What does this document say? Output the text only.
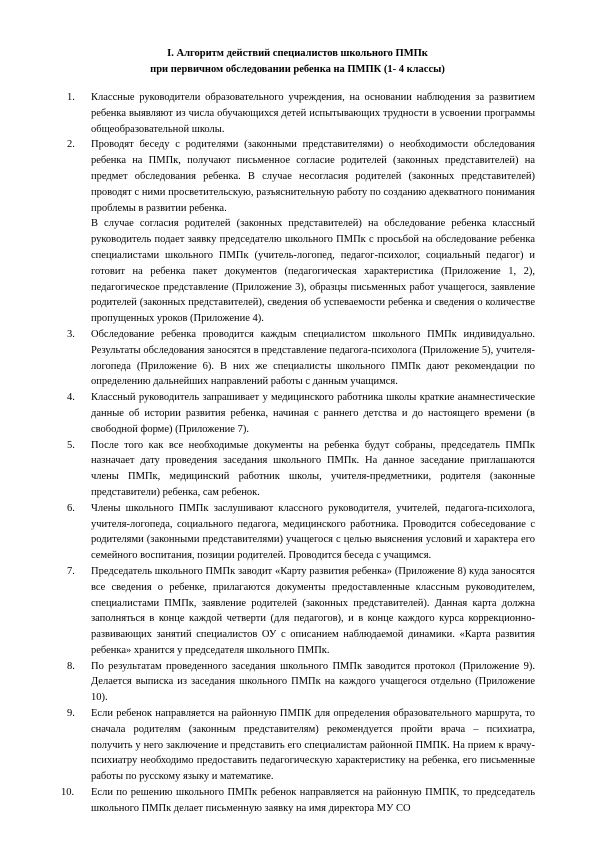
I. Алгоритм действий специалистов школьного ПМПк
при первичном обследовании ребенка на ПМПК (1- 4 классы)
1. Классные руководители образовательного учреждения, на основании наблюдения за развитием ребенка выявляют из числа обучающихся детей испытывающих трудности в усвоении программы общеобразовательной школы.

2. Проводят беседу с родителями (законными представителями) о необходимости обследования ребенка на ПМПк, получают письменное согласие родителей (законных представителей) на предмет обследования ребенка. В случае несогласия родителей (законных представителей) проводят с ними просветительскую, разъяснительную работу по созданию адекватного понимания проблемы в развитии ребенка.

В случае согласия родителей (законных представителей) на обследование ребенка классный руководитель подает заявку председателю школьного ПМПк с просьбой на обследование ребенка специалистами школьного ПМПк (учитель-логопед, педагог-психолог, социальный педагог) и готовит на ребенка пакет документов (педагогическая характеристика (Приложение 1, 2), педагогическое представление (Приложение 3), образцы письменных работ учащегося, заявление родителей (законных представителей), сведения об успеваемости ребенка и сведения о количестве пропущенных уроков (Приложение 4).

3. Обследование ребенка проводится каждым специалистом школьного ПМПк индивидуально. Результаты обследования заносятся в представление педагога-психолога (Приложение 5), учителя-логопеда (Приложение 6). В них же специалисты школьного ПМПк дают рекомендации по определению дальнейших направлений работы с данным учащимся.

4. Классный руководитель запрашивает у медицинского работника школы краткие анамнестические данные об истории развития ребенка, начиная с раннего детства и до настоящего времени (в свободной форме) (Приложение 7).

5. После того как все необходимые документы на ребенка будут собраны, председатель ПМПк назначает дату проведения заседания школьного ПМПк. На данное заседание приглашаются члены ПМПк, медицинский работник школы, учителя-предметники, родителя (законные представители) ребенка, сам ребенок.

6. Члены школьного ПМПк заслушивают классного руководителя, учителей, педагога-психолога, учителя-логопеда, социального педагога, медицинского работника. Проводится собеседование с родителями (законными представителями) учащегося с целью выяснения условий и характера его семейного воспитания, позиции родителей. Проводится беседа с учащимся.

7. Председатель школьного ПМПк заводит «Карту развития ребенка» (Приложение 8) куда заносятся все сведения о ребенке, прилагаются документы предоставленные классным руководителем, специалистами ПМПк, заявление родителей (законных представителей). Данная карта должна заполняться в конце каждой четверти (для педагогов), и в конце каждого курса коррекционно-развивающих занятий специалистов ОУ с описанием наблюдаемой динамики. «Карта развития ребенка» хранится у председателя школьного ПМПк.

8. По результатам проведенного заседания школьного ПМПк заводится протокол (Приложение 9). Делается выписка из заседания школьного ПМПк на каждого учащегося отдельно (Приложение 10).

9. Если ребенок направляется на районную ПМПК для определения образовательного маршрута, то сначала родителям (законным представителям) рекомендуется пройти врача – психиатра, получить у него заключение и представить его специалистам районной ПМПК. На прием к врачу-психиатру необходимо предоставить педагогическую характеристику на ребенка, его письменные работы по русскому языку и математике.

10. Если по решению школьного ПМПк ребенок направляется на районную ПМПК, то председатель школьного ПМПк делает письменную заявку на имя директора МУ СО
